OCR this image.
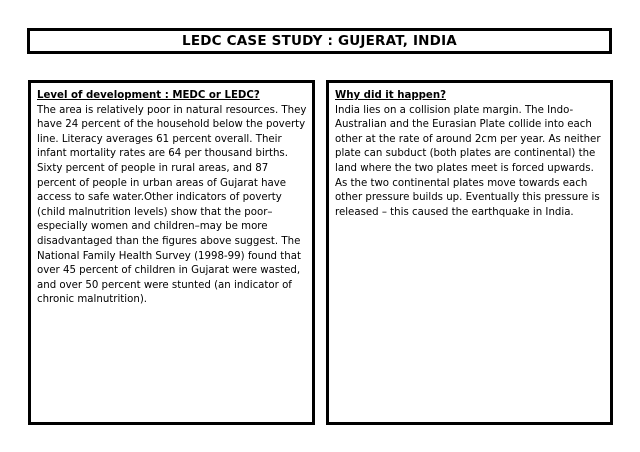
LEDC CASE STUDY : GUJERAT, INDIA

Level of development : MEDC or LEDC?

The area is relatively poor in natural resources. They have 24 percent of the household below the poverty line. Literacy averages 61 percent overall. Their infant mortality rates are 64 per thousand births. Sixty percent of people in rural areas, and 87 percent of people in urban areas of Gujarat have access to safe water.Other indicators of poverty (child malnutrition levels) show that the poor–especially women and children–may be more disadvantaged than the figures above suggest. The National Family Health Survey (1998-99) found that over 45 percent of children in Gujarat were wasted, and over 50 percent were stunted (an indicator of chronic malnutrition).

Why did it happen?

India lies on a collision plate margin. The Indo-Australian and the Eurasian Plate collide into each other at the rate of around 2cm per year. As neither plate can subduct (both plates are continental) the land where the two plates meet is forced upwards. As the two continental plates move towards each other pressure builds up. Eventually this pressure is released – this caused the earthquake in India.
